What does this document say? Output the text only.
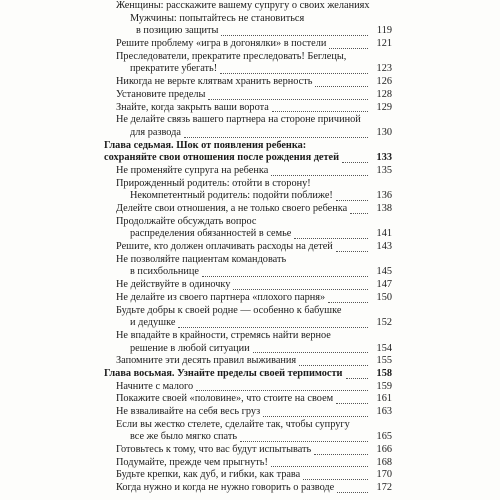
Женщины: расскажите вашему супругу о своих желаниях
Мужчины: попытайтесь не становиться
в позицию защиты	119
Решите проблему «игра в догонялки» в постели	121
Преследователи, прекратите преследовать! Беглецы,
прекратите убегать!	123
Никогда не верьте клятвам хранить верность	126
Установите пределы	128
Знайте, когда закрыть ваши ворота	129
Не делайте связь вашего партнера на стороне причиной
для развода	130
Глава седьмая. Шок от появления ребенка:
сохраняйте свои отношения после рождения детей	133
Не променяйте супруга на ребенка	135
Прирожденный родитель: отойти в сторону!
Некомпетентный родитель: подойти поближе!	136
Делейте свои отношения, а не только своего ребенка	138
Продолжайте обсуждать вопрос
распределения обязанностей в семье	141
Решите, кто должен оплачивать расходы на детей	143
Не позволяйте пациентам командовать
в психбольнице	145
Не действуйте в одиночку	147
Не делайте из своего партнера «плохого парня»	150
Будьте добры к своей родне — особенно к бабушке
и дедушке	152
Не впадайте в крайности, стремясь найти верное
решение в любой ситуации	154
Запомните эти десять правил выживания	155
Глава восьмая. Узнайте пределы своей терпимости	158
Начните с малого	159
Покажите своей «половине», что стоите на своем	161
Не взваливайте на себя весь груз	163
Если вы жестко стелете, сделайте так, чтобы супругу
все же было мягко спать	165
Готовьтесь к тому, что вас будут испытывать	166
Подумайте, прежде чем прыгнуть!	168
Будьте крепки, как дуб, и гибки, как трава	170
Когда нужно и когда не нужно говорить о разводе	172
